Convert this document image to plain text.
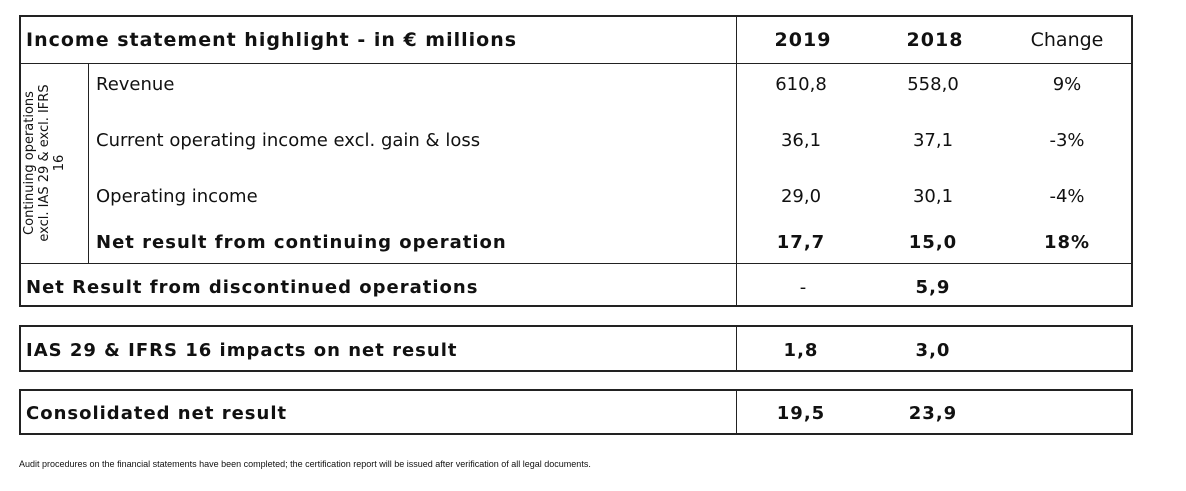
Income statement highlight - in € millions	2019	2018	Change
Continuing operations excl. IAS 29 & excl. IFRS 16
Revenue	610,8	558,0	9%
Current operating income excl. gain & loss	36,1	37,1	-3%
Operating income	29,0	30,1	-4%
Net result from continuing operation	17,7	15,0	18%
Net Result from discontinued operations	-	5,9
IAS 29 & IFRS 16 impacts on net result	1,8	3,0
Consolidated net result	19,5	23,9
Audit procedures on the financial statements have been completed; the certification report will be issued after verification of all legal documents.
